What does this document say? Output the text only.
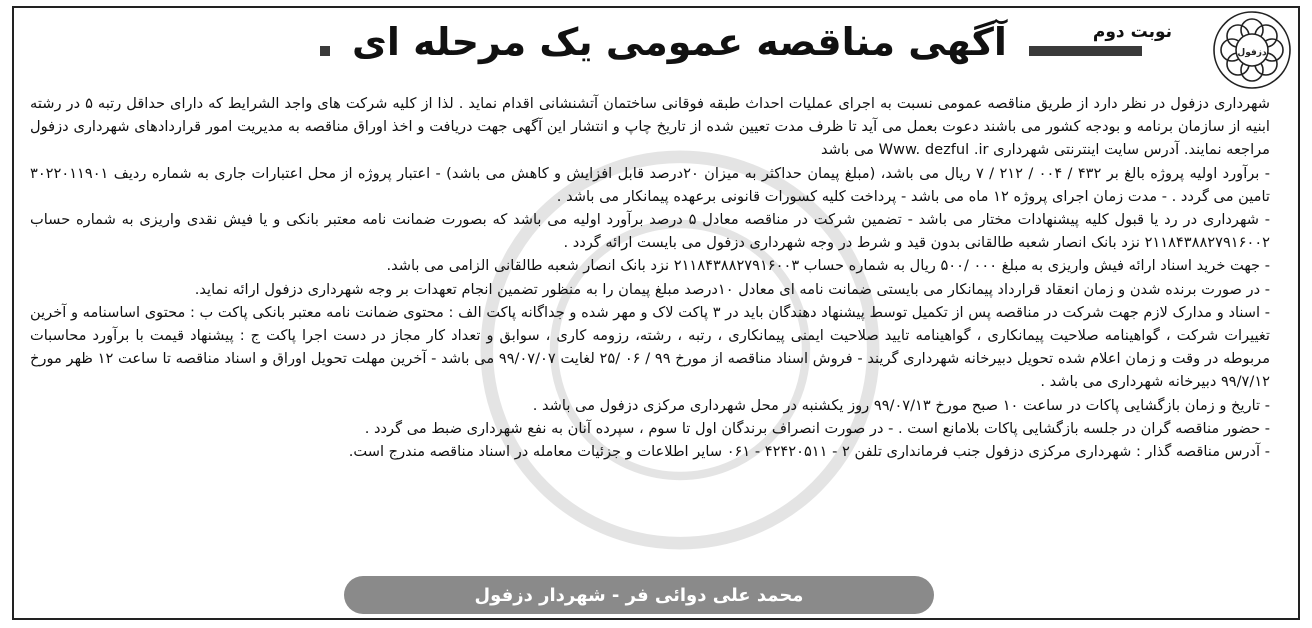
دزفول
نوبت دوم
آگهی مناقصه عمومی یک مرحله ای

شهرداری دزفول در نظر دارد از طریق مناقصه عمومی نسبت به اجرای عملیات احداث طبقه فوقانی ساختمان آتشنشانی اقدام نماید . لذا از کلیه شرکت های واجد الشرایط که دارای حداقل رتبه ۵ در رشته ابنیه از سازمان برنامه و بودجه کشور می باشند دعوت بعمل می آید تا ظرف مدت تعیین شده از تاریخ چاپ و انتشار این آگهی جهت دریافت و اخذ اوراق مناقصه به مدیریت امور قراردادهای شهرداری دزفول مراجعه نمایند. آدرس سایت اینترنتی شهرداری Www. dezful .ir می باشد

- برآورد اولیه پروژه بالغ بر ۴۳۲ / ۰۰۴ / ۲۱۲ / ۷ ریال می باشد، (مبلغ پیمان حداکثر به میزان ۲۰درصد قابل افزایش و کاهش می باشد) - اعتبار پروژه از محل اعتبارات جاری به شماره ردیف ۳۰۲۲۰۱۱۹۰۱ تامین می گردد . - مدت زمان اجرای پروژه ۱۲ ماه می باشد - پرداخت کلیه کسورات قانونی برعهده پیمانکار می باشد .

- شهرداری در رد یا قبول کلیه پیشنهادات مختار می باشد - تضمین شرکت در مناقصه معادل ۵ درصد برآورد اولیه می باشد که بصورت ضمانت نامه معتبر بانکی و یا فیش نقدی واریزی به شماره حساب ۲۱۱۸۴۳۸۸۲۷۹۱۶۰۰۲ نزد بانک انصار شعبه طالقانی بدون قید و شرط در وجه شهرداری دزفول می بایست ارائه گردد .

- جهت خرید اسناد ارائه فیش واریزی به مبلغ ۰۰۰ /۵۰۰ ریال به شماره حساب ۲۱۱۸۴۳۸۸۲۷۹۱۶۰۰۳ نزد بانک انصار شعبه طالقانی الزامی می باشد.

- در صورت برنده شدن و زمان انعقاد قرارداد پیمانکار می بایستی ضمانت نامه ای معادل ۱۰درصد مبلغ پیمان را به منظور تضمین انجام تعهدات بر وجه شهرداری دزفول ارائه نماید.

- اسناد و مدارک لازم جهت شرکت در مناقصه پس از تکمیل توسط پیشنهاد دهندگان باید در ۳ پاکت لاک و مهر شده و جداگانه پاکت الف : محتوی ضمانت نامه معتبر بانکی پاکت ب : محتوی اساسنامه و آخرین تغییرات شرکت ، گواهینامه صلاحیت پیمانکاری ، گواهینامه تایید صلاحیت ایمنی پیمانکاری ، رتبه ، رشته، رزومه کاری ، سوابق و تعداد کار مجاز در دست اجرا پاکت ج : پیشنهاد قیمت با برآورد محاسبات مربوطه در وقت و زمان اعلام شده تحویل دبیرخانه شهرداری گریند - فروش اسناد مناقصه از مورخ ۹۹ / ۰۶ /۲۵ لغایت ۹۹/۰۷/۰۷ می باشد - آخرین مهلت تحویل اوراق و اسناد مناقصه تا ساعت ۱۲ ظهر مورخ ۹۹/۷/۱۲ دبیرخانه شهرداری می باشد .

- تاریخ و زمان بازگشایی پاکات در ساعت ۱۰ صبح مورخ ۹۹/۰۷/۱۳ روز یکشنبه در محل شهرداری مرکزی دزفول می باشد .

- حضور مناقصه گران در جلسه بازگشایی پاکات بلامانع است . - در صورت انصراف برندگان اول تا سوم ، سپرده آنان به نفع شهرداری ضبط می گردد .

- آدرس مناقصه گذار : شهرداری مرکزی دزفول جنب فرمانداری تلفن ۲ - ۴۲۴۲۰۵۱۱ - ۰۶۱ سایر اطلاعات و جزئیات معامله در اسناد مناقصه مندرج است.

محمد علی دوائی فر - شهردار دزفول
